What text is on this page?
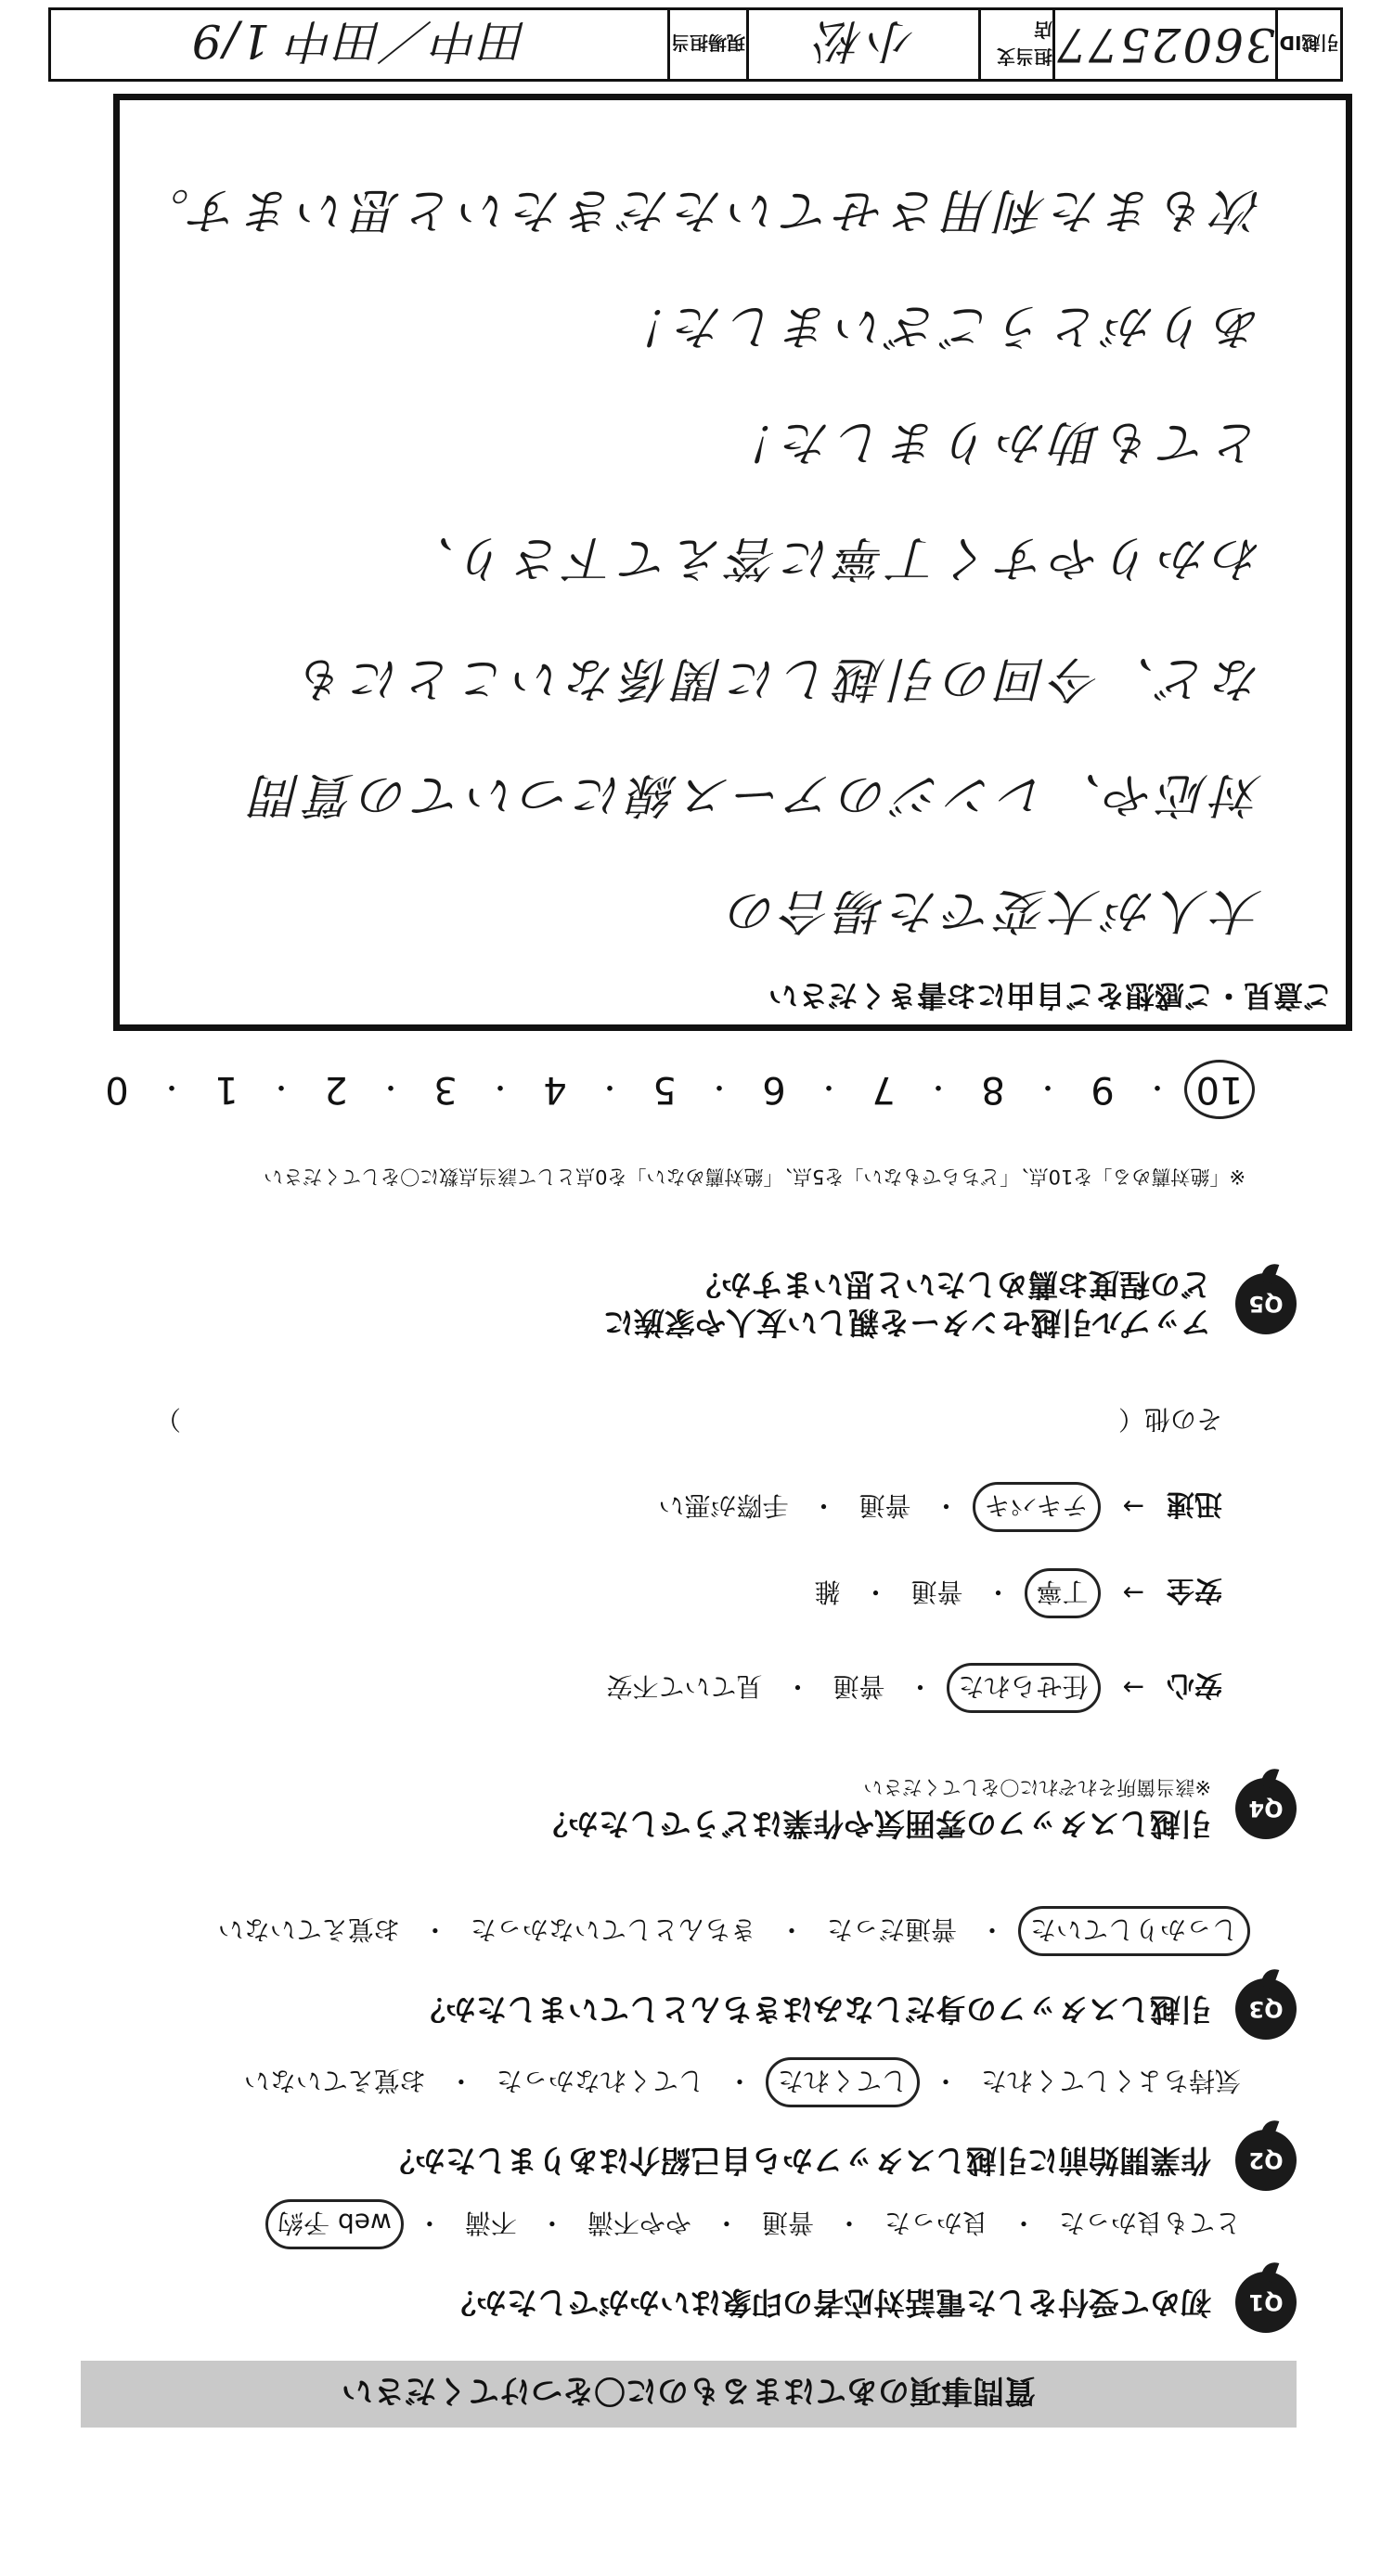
質問事項のあてはまるものに〇をつけてください
Q1
初めて受付をした電話対応者の印象はいかがでしたか？
とても良かった
・
良かった
・
普通
・
やや不満
・
不満
・
web 予約
Q2
作業開始前に引越しスタッフから自己紹介はありましたか？
気持ちよくしてくれた
・
してくれた
・
してくれなかった
・
お覚えていない
Q3
引越しスタッフの身だしなみはきちんとしていましたか？
しっかりしていた
・
普通だった
・
きちんとしていなかった
・
お覚えていない
Q4
引越しスタッフの雰囲気や作業はどうでしたか？
※該当箇所それぞれに〇をしてください
安心
→
任せられた
・
普通
・
見ていて不安
安全
→
丁寧
・
普通
・
雑
迅速
→
テキパキ
・
普通
・
手際が悪い
その他（
）
Q5
アップル引越センターを親しい友人や家族に
どの程度お薦めしたいと思いますか？
※「絶対薦める」を10点、「どちらでもない」を5点、「絶対薦めない」を0点として該当点数に〇をしてください
10
・
9
・
8
・
7
・
6
・
5
・
4
・
3
・
2
・
1
・
0
ご意見・ご感想をご自由にお書きください
大人が大変でた場合の
対応や、レンジのアース線についての質問
など、今回の引越しに関係ないことにも
わかりやすく丁寧に答えて下さり、
とても助かりました！
ありがとうございました！
次もまた利用させていただきたいと思います。
引越ID
3602577
担当支店
小松
現場担当
田中／田中 1/9
